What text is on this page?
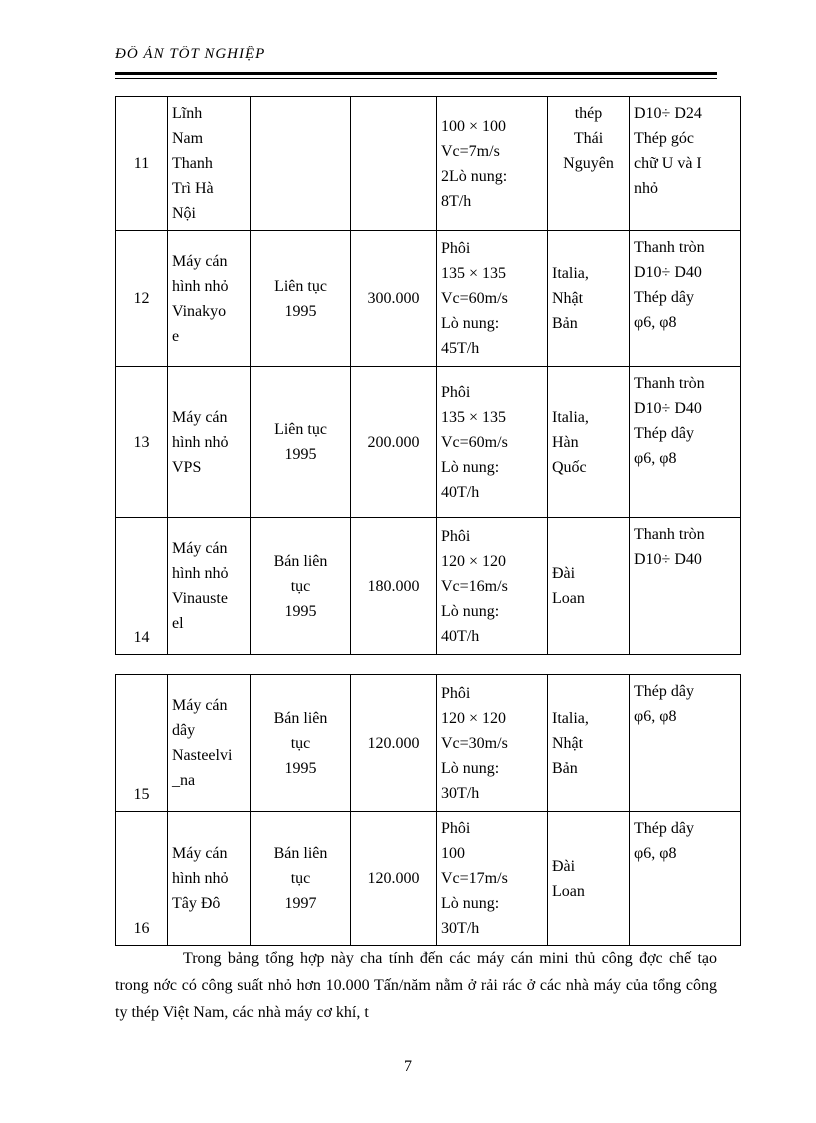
ĐỒ ÁN TỐT NGHIỆP
11	Lĩnh
Nam
Thanh
Trì Hà
Nội			100 × 100
Vc=7m/s
2Lò nung:
8T/h	thép
Thái
Nguyên	D10÷ D24
Thép góc
chữ U và I
nhỏ

12	Máy cán
hình nhỏ
Vinakyo
e	Liên tục
1995	300.000	Phôi
135 × 135
Vc=60m/s
Lò nung:
45T/h	Italia,
Nhật
Bản	Thanh tròn
D10÷ D40
Thép dây
φ6, φ8

13	Máy cán
hình nhỏ
VPS	Liên tục
1995	200.000	Phôi
135 × 135
Vc=60m/s
Lò nung:
40T/h	Italia,
Hàn
Quốc	Thanh tròn
D10÷ D40
Thép dây
φ6, φ8

14	Máy cán
hình nhỏ
Vinauste
el	Bán liên
tục
1995	180.000	Phôi
120 × 120
Vc=16m/s
Lò nung:
40T/h	Đài
Loan	Thanh tròn
D10÷ D40
15	Máy cán
dây
Nasteelvi
_na	Bán liên
tục
1995	120.000	Phôi
120 × 120
Vc=30m/s
Lò nung:
30T/h	Italia,
Nhật
Bản	Thép dây
φ6, φ8

16	Máy cán
hình nhỏ
Tây Đô	Bán liên
tục
1997	120.000	Phôi
100
Vc=17m/s
Lò nung:
30T/h	Đài
Loan	Thép dây
φ6, φ8
Trong bảng tổng hợp này cha tính đến các máy cán mini thủ công đợc chế tạo trong nớc có công suất nhỏ hơn 10.000 Tấn/năm nằm ở rải rác ở các nhà máy của tổng công ty thép Việt Nam, các nhà máy cơ khí, t
7
